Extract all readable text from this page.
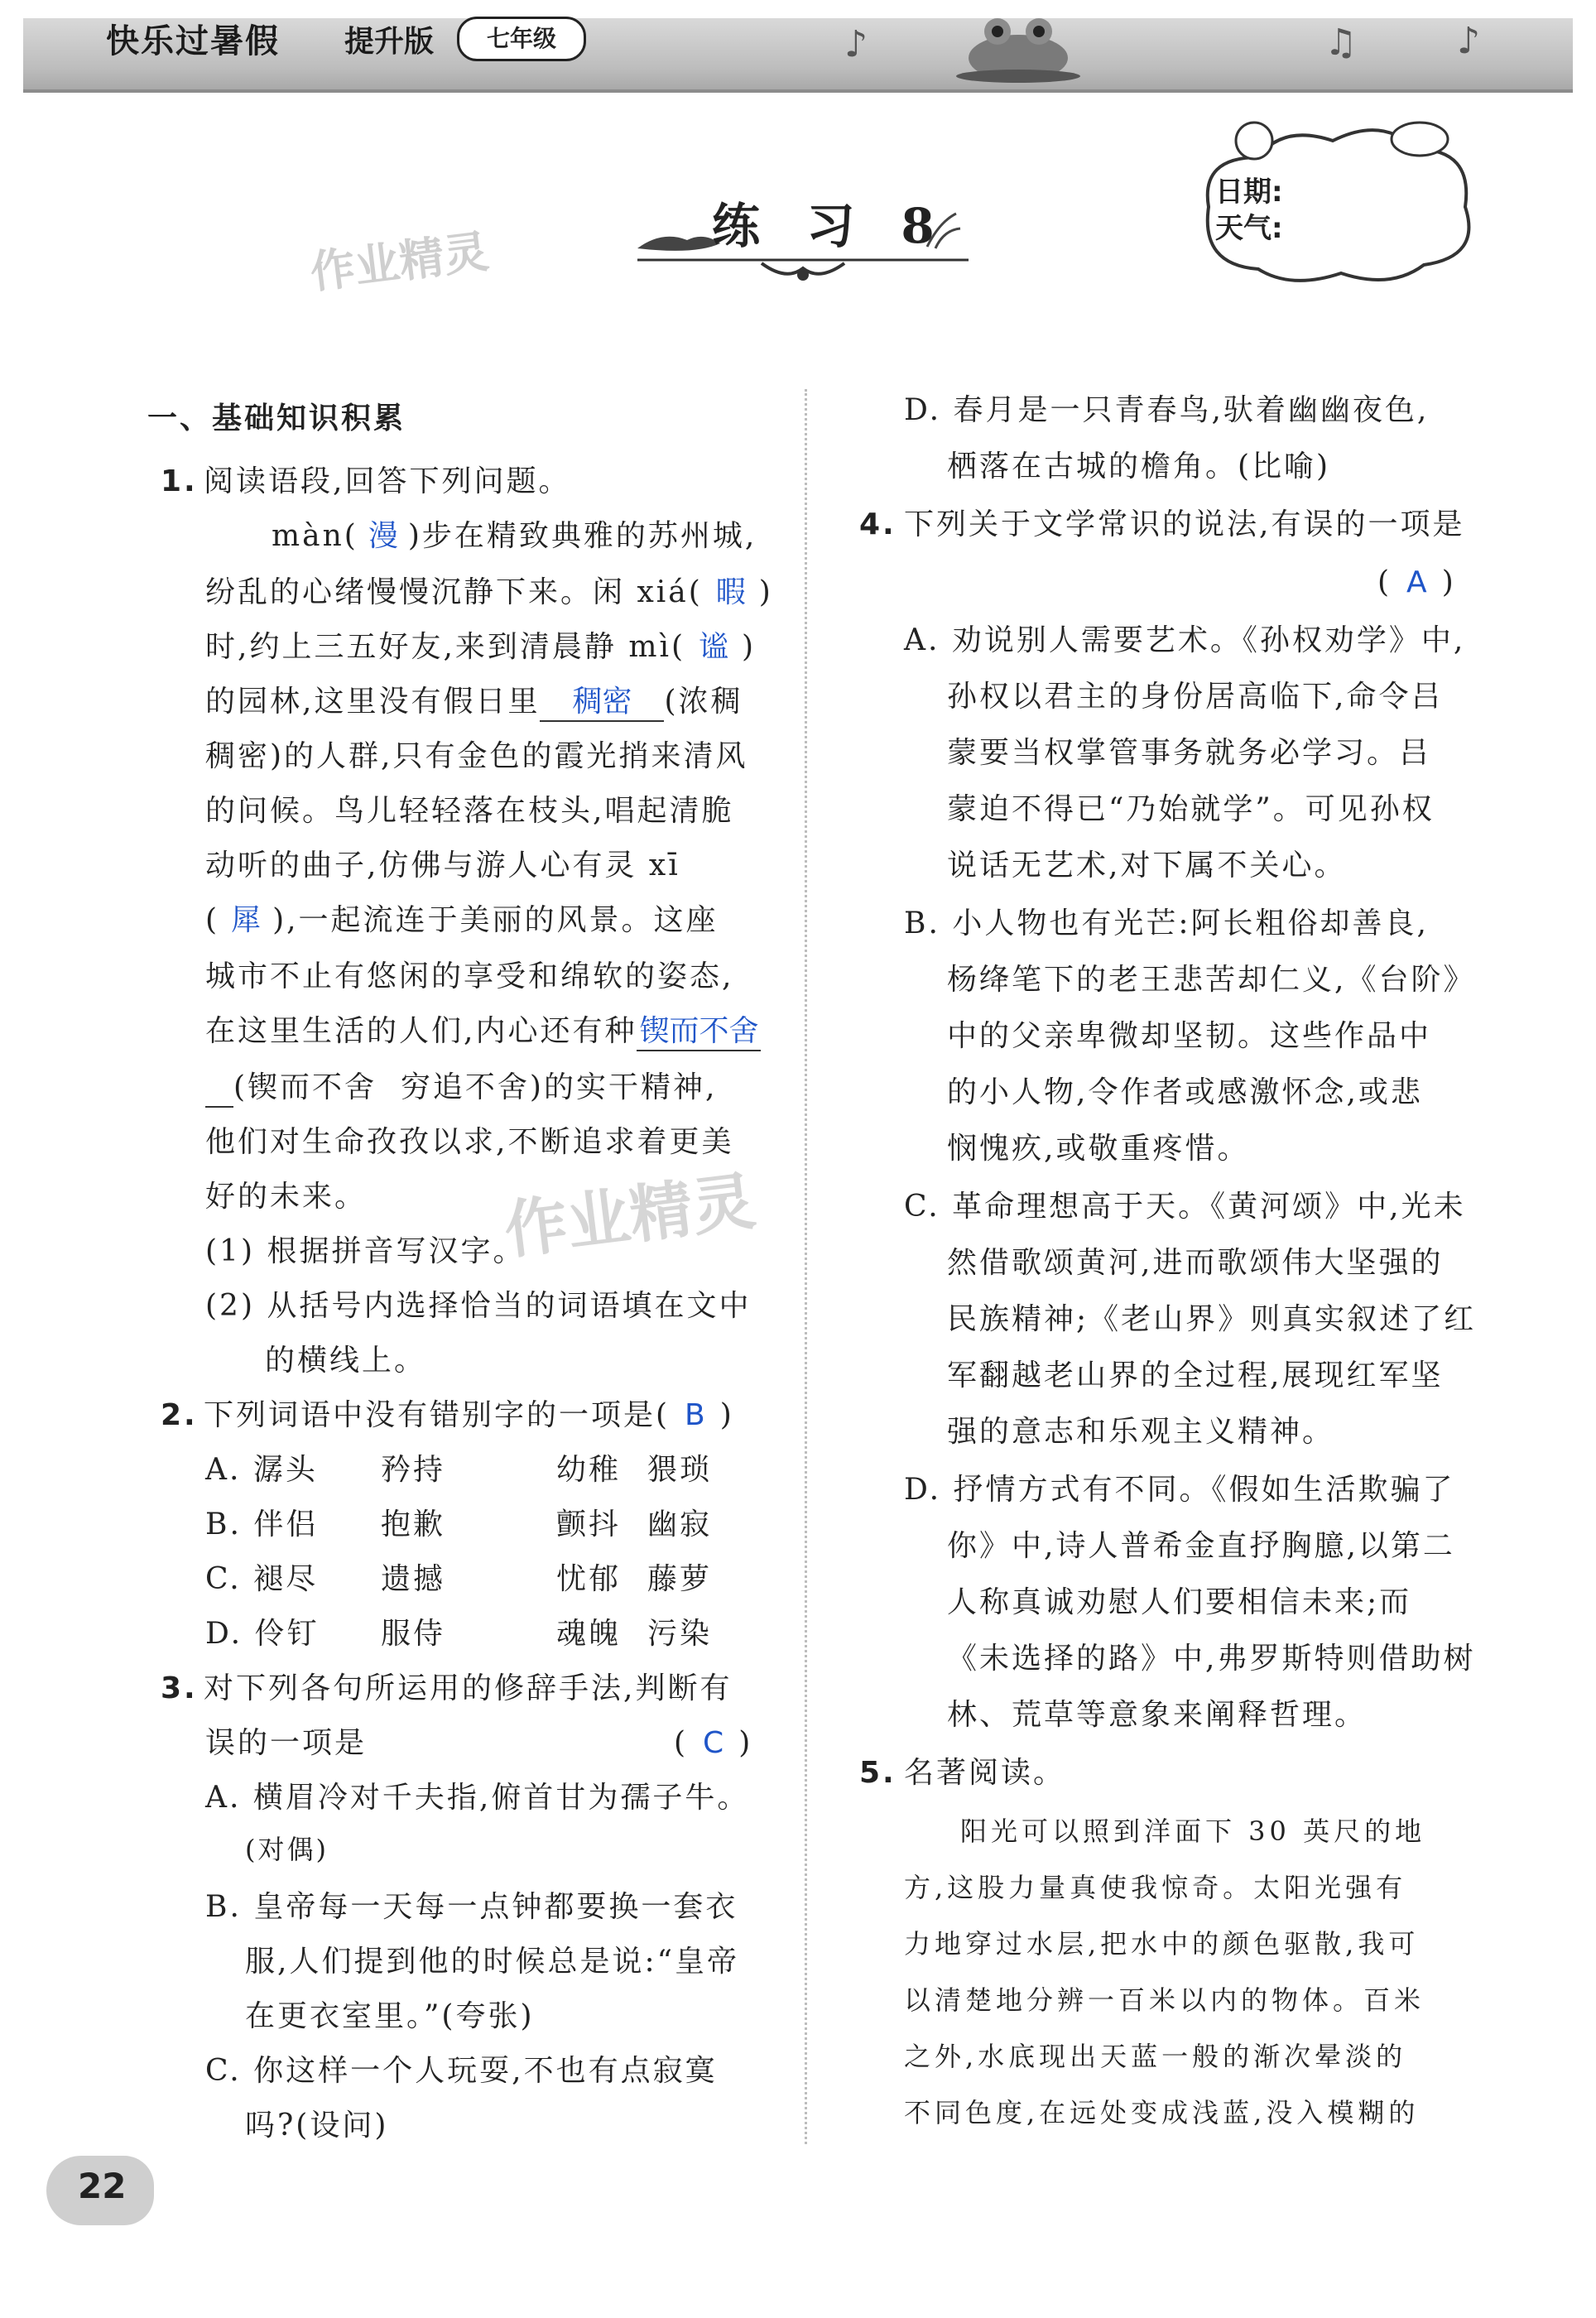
快乐过暑假 提升版	七年级	♪	♫	♪
练 习 8
日期:
天气:
作业精灵
一、基础知识积累
1. 阅读语段,回答下列问题。
màn( 漫 )步在精致典雅的苏州城,
纷乱的心绪慢慢沉静下来。闲 xiá( 暇 )
时,约上三五好友,来到清晨静 mì( 谧 )
的园林,这里没有假日里 稠密 (浓稠
稠密)的人群,只有金色的霞光捎来清风
的问候。鸟儿轻轻落在枝头,唱起清脆
动听的曲子,仿佛与游人心有灵 xī
( 犀 ),一起流连于美丽的风景。这座
城市不止有悠闲的享受和绵软的姿态,
在这里生活的人们,内心还有种锲而不舍
(锲而不舍  穷追不舍)的实干精神,
他们对生命孜孜以求,不断追求着更美
好的未来。 作业精灵
(1) 根据拼音写汉字。
(2) 从括号内选择恰当的词语填在文中
的横线上。
2. 下列词语中没有错别字的一项是( B )
A. 潺头 矜持	幼稚 猥琐
B. 伴侣 抱歉	颤抖 幽寂
C. 褪尽 遗撼	忧郁 藤萝
D. 伶钉 服侍	魂魄 污染
3. 对下列各句所运用的修辞手法,判断有
误的一项是	( C )
A. 横眉冷对千夫指,俯首甘为孺子牛。
(对偶)
B. 皇帝每一天每一点钟都要换一套衣
服,人们提到他的时候总是说:“皇帝
在更衣室里。”(夸张)
C. 你这样一个人玩耍,不也有点寂寞
吗?(设问)
D. 春月是一只青春鸟,驮着幽幽夜色,
栖落在古城的檐角。(比喻)
4. 下列关于文学常识的说法,有误的一项是
( A )
A. 劝说别人需要艺术。《孙权劝学》中,
孙权以君主的身份居高临下,命令吕
蒙要当权掌管事务就务必学习。吕
蒙迫不得已“乃始就学”。可见孙权
说话无艺术,对下属不关心。
B. 小人物也有光芒:阿长粗俗却善良,
杨绛笔下的老王悲苦却仁义,《台阶》
中的父亲卑微却坚韧。这些作品中
的小人物,令作者或感激怀念,或悲
悯愧疚,或敬重疼惜。
C. 革命理想高于天。《黄河颂》中,光未
然借歌颂黄河,进而歌颂伟大坚强的
民族精神;《老山界》则真实叙述了红
军翻越老山界的全过程,展现红军坚
强的意志和乐观主义精神。
D. 抒情方式有不同。《假如生活欺骗了
你》中,诗人普希金直抒胸臆,以第二
人称真诚劝慰人们要相信未来;而
《未选择的路》中,弗罗斯特则借助树
林、荒草等意象来阐释哲理。
5. 名著阅读。
阳光可以照到洋面下 30 英尺的地
方,这股力量真使我惊奇。太阳光强有
力地穿过水层,把水中的颜色驱散,我可
以清楚地分辨一百米以内的物体。百米
之外,水底现出天蓝一般的渐次晕淡的
不同色度,在远处变成浅蓝,没入模糊的
22
